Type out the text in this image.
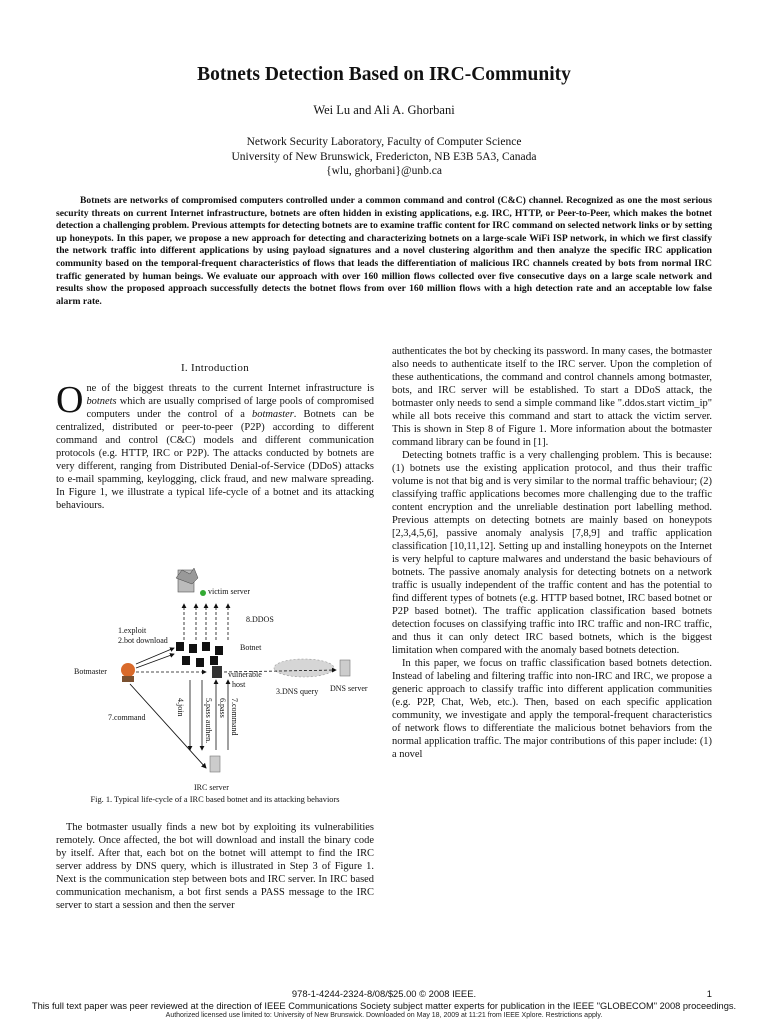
Botnets Detection Based on IRC-Community
Wei Lu and Ali A. Ghorbani
Network Security Laboratory, Faculty of Computer Science
University of New Brunswick, Fredericton, NB E3B 5A3, Canada
{wlu, ghorbani}@unb.ca
Botnets are networks of compromised computers controlled under a common command and control (C&C) channel. Recognized as one the most serious security threats on current Internet infrastructure, botnets are often hidden in existing applications, e.g. IRC, HTTP, or Peer-to-Peer, which makes the botnet detection a challenging problem. Previous attempts for detecting botnets are to examine traffic content for IRC command on selected network links or by setting up honeypots. In this paper, we propose a new approach for detecting and characterizing botnets on a large-scale WiFi ISP network, in which we first classify the network traffic into different applications by using payload signatures and a novel clustering algorithm and then analyze the specific IRC application community based on the temporal-frequent characteristics of flows that leads the differentiation of malicious IRC channels created by bots from normal IRC traffic generated by human beings. We evaluate our approach with over 160 million flows collected over five consecutive days on a large scale network and results show the proposed approach successfully detects the botnet flows from over 160 million flows with a high detection rate and an acceptable low false alarm rate.
I. Introduction

One of the biggest threats to the current Internet infrastructure is botnets which are usually comprised of large pools of compromised computers under the control of a botmaster. Botnets can be centralized, distributed or peer-to-peer (P2P) according to different command and control (C&C) models and different communication protocols (e.g. HTTP, IRC or P2P). The attacks conducted by botnets are very different, ranging from Distributed Denial-of-Service (DDoS) attacks to e-mail spamming, keylogging, click fraud, and new malware spreading. In Figure 1, we illustrate a typical life-cycle of a botnet and its attacking behaviours.

victim server
8.DDOS
1.exploit
2.bot download
Botnet
Botmaster	vulnerable
host
3.DNS query DNS server
7.command
4.join 5.pass authen. 6.pass 7.command
IRC server
Fig. 1. Typical life-cycle of a IRC based botnet and its attacking behaviors

The botmaster usually finds a new bot by exploiting its vulnerabilities remotely. Once affected, the bot will download and install the binary code by itself. After that, each bot on the botnet will attempt to find the IRC server address by DNS query, which is illustrated in Step 3 of Figure 1. Next is the communication step between bots and IRC server. In IRC based communication mechanism, a bot first sends a PASS message to the IRC server to start a session and then the server

authenticates the bot by checking its password. In many cases, the botmaster also needs to authenticate itself to the IRC server. Upon the completion of these authentications, the command and control channels among botmaster, bots, and IRC server will be established. To start a DDoS attack, the botmaster only needs to send a simple command like ".ddos.start victim_ip" while all bots receive this command and start to attack the victim server. This is shown in Step 8 of Figure 1. More information about the botmaster command library can be found in [1].

Detecting botnets traffic is a very challenging problem. This is because: (1) botnets use the existing application protocol, and thus their traffic volume is not that big and is very similar to the normal traffic behaviour; (2) classifying traffic applications becomes more challenging due to the traffic content encryption and the unreliable destination port labelling method. Previous attempts on detecting botnets are mainly based on honeypots [2,3,4,5,6], passive anomaly analysis [7,8,9] and traffic application classification [10,11,12]. Setting up and installing honeypots on the Internet is very helpful to capture malwares and understand the basic behaviours of botnets. The passive anomaly analysis for detecting botnets on a network traffic is usually independent of the traffic content and has the potential to find different types of botnets (e.g. HTTP based botnet, IRC based botnet or P2P based botnet). The traffic application classification based botnets detection focuses on classifying traffic into IRC traffic and non-IRC traffic, and thus it can only detect IRC based botnets, which is the biggest limitation when compared with the anomaly based botnets detection.

In this paper, we focus on traffic classification based botnets detection. Instead of labeling and filtering traffic into non-IRC and IRC, we propose a generic approach to classify traffic into different application communities (e.g. P2P, Chat, Web, etc.). Then, based on each specific application community, we investigate and apply the temporal-frequent characteristics of network flows to differentiate the malicious botnet behaviors from the normal application traffic. The major contributions of this paper include: (1) a novel

978-1-4244-2324-8/08/$25.00 © 2008 IEEE.	1
This full text paper was peer reviewed at the direction of IEEE Communications Society subject matter experts for publication in the IEEE "GLOBECOM" 2008 proceedings.
Authorized licensed use limited to: University of New Brunswick. Downloaded on May 18, 2009 at 11:21 from IEEE Xplore. Restrictions apply.
